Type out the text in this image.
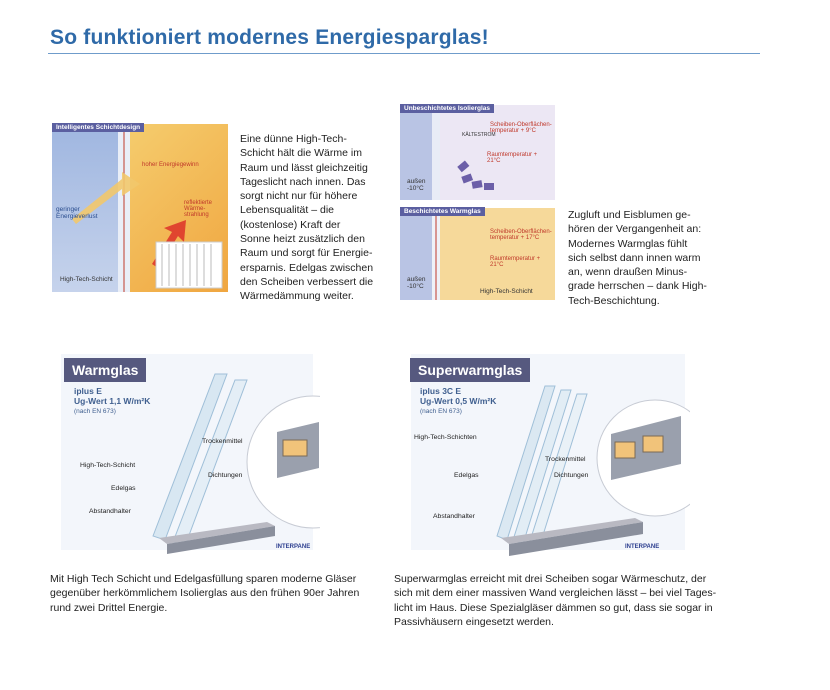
So funktioniert modernes Energiesparglas!
Intelligentes Schichtdesign
hoher Energiegewinn
geringer Energieverlust
reflektierte Wärme-strahlung
High-Tech-Schicht
Eine dünne High-Tech-
Schicht hält die Wärme im
Raum und lässt gleichzeitig
Tageslicht nach innen. Das
sorgt nicht nur für höhere
Lebensqualität – die
(kostenlose) Kraft der
Sonne heizt zusätzlich den
Raum und sorgt für Energie-
ersparnis. Edelgas zwischen
den Scheiben verbessert die
Wärmedämmung weiter.
Unbeschichtetes Isolierglas
Scheiben-Oberflächen-temperatur + 9°C
Raumtemperatur + 21°C
außen -10°C
KÄLTESTROM
Beschichtetes Warmglas
Scheiben-Oberflächen-temperatur + 17°C
Raumtemperatur + 21°C
außen -10°C
High-Tech-Schicht
Zugluft und Eisblumen ge-
hören der Vergangenheit an:
Modernes Warmglas fühlt
sich selbst dann innen warm
an, wenn draußen Minus-
grade herrschen – dank High-
Tech-Beschichtung.
Warmglas
iplus E
Ug-Wert 1,1 W/m²K
(nach EN 673)
Trockenmittel
Dichtungen
High-Tech-Schicht
Edelgas
Abstandhalter
INTERPANE
Superwarmglas
iplus 3C E
Ug-Wert 0,5 W/m²K
(nach EN 673)
High-Tech-Schichten
Trockenmittel
Edelgas	Dichtungen
Abstandhalter
INTERPANE
Mit High Tech Schicht und Edelgasfüllung sparen moderne Gläser
gegenüber herkömmlichem Isolierglas aus den frühen 90er Jahren
rund zwei Drittel Energie.
Superwarmglas erreicht mit drei Scheiben sogar Wärmeschutz, der
sich mit dem einer massiven Wand vergleichen lässt – bei viel Tages-
licht im Haus. Diese Spezialgläser dämmen so gut, dass sie sogar in
Passivhäusern eingesetzt werden.
